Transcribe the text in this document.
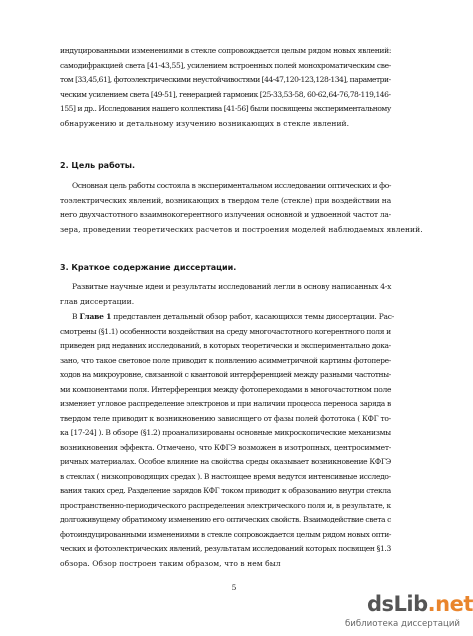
индуцированными изменениями в стекле сопровождается целым рядом новых явлений:
самодифракцией света [41-43,55], усилением встроенных полей монохроматическим све-
том [33,45,61], фотоэлектрическими неустойчивостями [44-47,120-123,128-134], параметри-
ческим усилением света [49-51], генерацией гармоник [25-33,53-58, 60-62,64-76,78-119,146-
155] и др.. Исследования нашего коллектива [41-56] были посвящены экспериментальному
обнаружению и детальному изучению возникающих в стекле явлений.
2. Цель работы.
Основная цель работы состояла в экспериментальном исследовании оптических и фо-
тоэлектрических явлений, возникающих в твердом теле (стекле) при воздействии на
него двухчастотного взаимнокогерентного излучения основной и удвоенной частот ла-
зера, проведении теоретических расчетов и построения моделей наблюдаемых явлений.
3. Краткое содержание диссертации.
Развитые научные идеи и результаты исследований легли в основу написанных 4-х
глав диссертации.
В Главе 1 представлен детальный обзор работ, касающихся темы диссертации. Рас-
смотрены (§1.1) особенности воздействия на среду многочастотного когерентного поля и
приведен ряд недавних исследований, в которых теоретически и экспериментально дока-
зано, что такое световое поле приводит к появлению асимметричной картины фотопере-
ходов на микроуровне, связанной с квантовой интерференцией между разными частотны-
ми компонентами поля. Интерференция между фотопереходами в многочастотном поле
изменяет угловое распределение электронов и при наличии процесса переноса заряда в
твердом теле приводит к возникновению зависящего от фазы полей фототока ( КФГ то-
ка [17-24] ). В обзоре (§1.2) проанализированы основные микроскопические механизмы
возникновения эффекта. Отмечено, что КФГЭ возможен в изотропных, центросиммет-
ричных материалах. Особое влияние на свойства среды оказывает возникновение КФГЭ
в стеклах ( низкопроводящих средах ). В настоящее время ведутся интенсивные исследо-
вания таких сред. Разделение зарядов КФГ током приводит к образованию внутри стекла
пространственно-периодического распределения электрического поля и, в результате, к
долгоживущему обратимому изменению его оптических свойств. Взаимодействие света с
фотоиндуцированными изменениями в стекле сопровождается целым рядом новых опти-
ческих и фотоэлектрических явлений, результатам исследований которых посвящен §1.3
обзора. Обзор построен таким образом, что в нем был
5
dsLib.net
библиотека диссертаций
